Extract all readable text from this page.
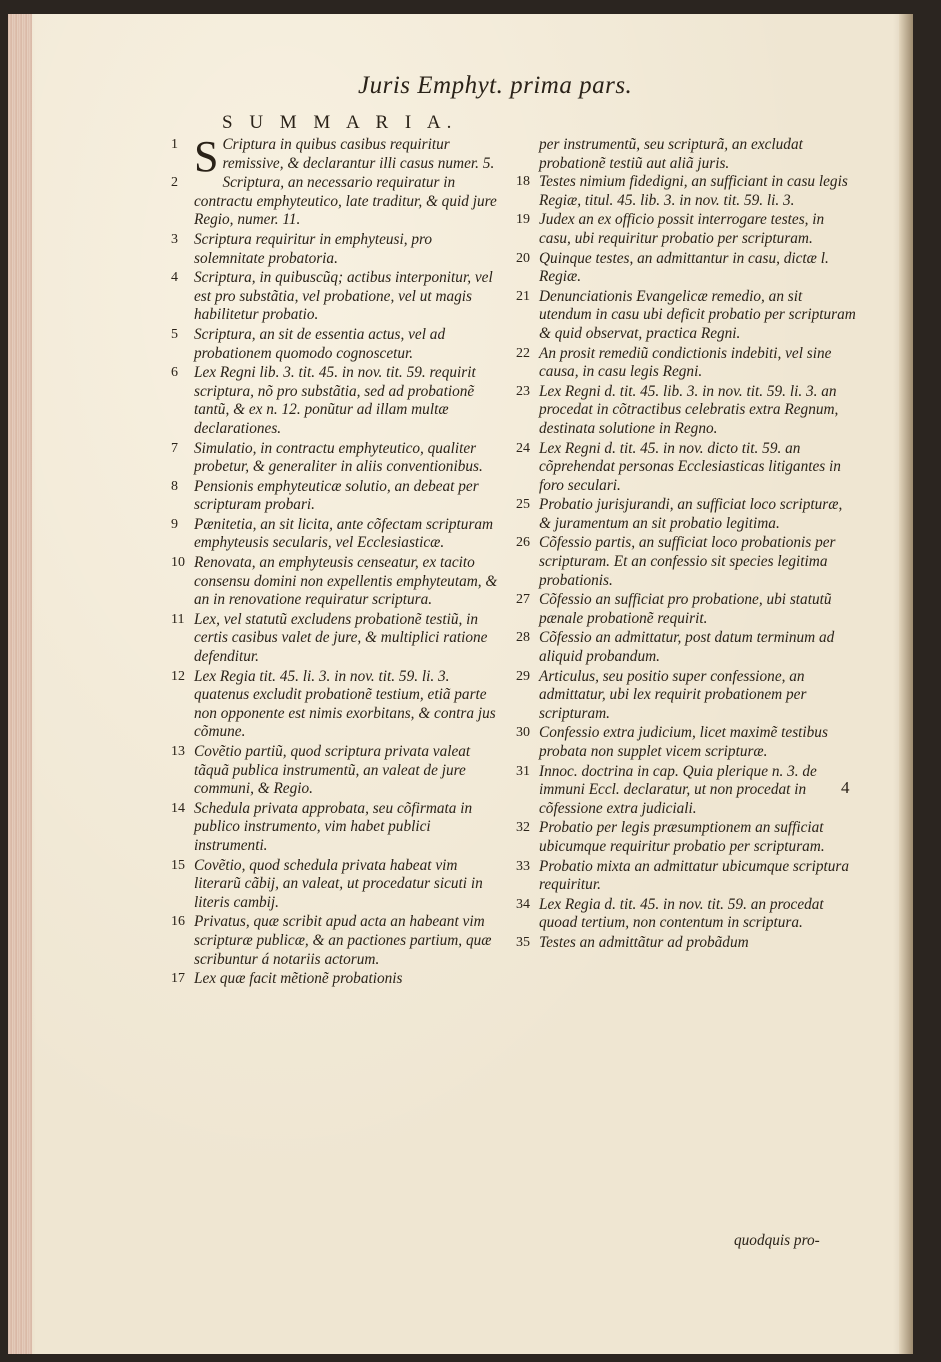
Juris Emphyt. prima pars.
S U M M A R I A.
1 S Criptura in quibus casibus requiritur remissive, & declarantur illi casus numer. 5.
2	Scriptura, an necessario requiratur in contractu emphyteutico, late traditur, & quid jure Regio, numer. 11.
3	Scriptura requiritur in emphyteusi, pro solemnitate probatoria.
4	Scriptura, in quibuscũq; actibus interponitur, vel est pro substãtia, vel probatione, vel ut magis habilitetur probatio.
5	Scriptura, an sit de essentia actus, vel ad probationem quomodo cognoscetur.
6	Lex Regni lib. 3. tit. 45. in nov. tit. 59. requirit scriptura, nõ pro substãtia, sed ad probationẽ tantũ, & ex n. 12. ponũtur ad illam multæ declarationes.
7	Simulatio, in contractu emphyteutico, qualiter probetur, & generaliter in aliis conventionibus.
8	Pensionis emphyteuticæ solutio, an debeat per scripturam probari.
9	Pænitetia, an sit licita, ante cõfectam scripturam emphyteusis secularis, vel Ecclesiasticæ.
10 Renovata, an emphyteusis censeatur, ex tacito consensu domini non expellentis emphyteutam, & an in renovatione requiratur scriptura.
11 Lex, vel statutũ excludens probationẽ testiũ, in certis casibus valet de jure, & multiplici ratione defenditur.
12 Lex Regia tit. 45. li. 3. in nov. tit. 59. li. 3. quatenus excludit probationẽ testium, etiã parte non opponente est nimis exorbitans, & contra jus cõmune.
13 Covẽtio partiũ, quod scriptura privata valeat tãquã publica instrumentũ, an valeat de jure communi, & Regio.
14 Schedula privata approbata, seu cõfirmata in publico instrumento, vim habet publici instrumenti.
15 Covẽtio, quod schedula privata habeat vim literarũ cãbij, an valeat, ut procedatur sicuti in literis cambij.
16 Privatus, quæ scribit apud acta an habeant vim scripturæ publicæ, & an pactiones partium, quæ scribuntur á notariis actorum.
17 Lex quæ facit mẽtionẽ probationis
per instrumentũ, seu scripturã, an excludat probationẽ testiũ aut aliã juris.
18 Testes nimium fidedigni, an sufficiant in casu legis Regiæ, titul. 45. lib. 3. in nov. tit. 59. li. 3.
19 Judex an ex officio possit interrogare testes, in casu, ubi requiritur probatio per scripturam.
20 Quinque testes, an admittantur in casu, dictæ l. Regiæ.
21 Denunciationis Evangelicæ remedio, an sit utendum in casu ubi deficit probatio per scripturam & quid observat, practica Regni.
22 An prosit remediũ condictionis indebiti, vel sine causa, in casu legis Regni.
23 Lex Regni d. tit. 45. lib. 3. in nov. tit. 59. li. 3. an procedat in cõtractibus celebratis extra Regnum, destinata solutione in Regno.
24 Lex Regni d. tit. 45. in nov. dicto tit. 59. an cõprehendat personas Ecclesiasticas litigantes in foro seculari.
25 Probatio jurisjurandi, an sufficiat loco scripturæ, & juramentum an sit probatio legitima.
26 Cõfessio partis, an sufficiat loco probationis per scripturam. Et an confessio sit species legitima probationis.
27 Cõfessio an sufficiat pro probatione, ubi statutũ pænale probationẽ requirit.
28 Cõfessio an admittatur, post datum terminum ad aliquid probandum.
29 Articulus, seu positio super confessione, an admittatur, ubi lex requirit probationem per scripturam.
30 Confessio extra judicium, licet maximẽ testibus probata non supplet vicem scripturæ.
31 Innoc. doctrina in cap. Quia plerique n. 3. de immuni Eccl. declaratur, ut non procedat in cõfessione extra judiciali.
32 Probatio per legis præsumptionem an sufficiat ubicumque requiritur probatio per scripturam.
33 Probatio mixta an admittatur ubicumque scriptura requiritur.
34 Lex Regia d. tit. 45. in nov. tit. 59. an procedat quoad tertium, non contentum in scriptura.
35 Testes an admittãtur ad probãdum
4
quodquis pro-
